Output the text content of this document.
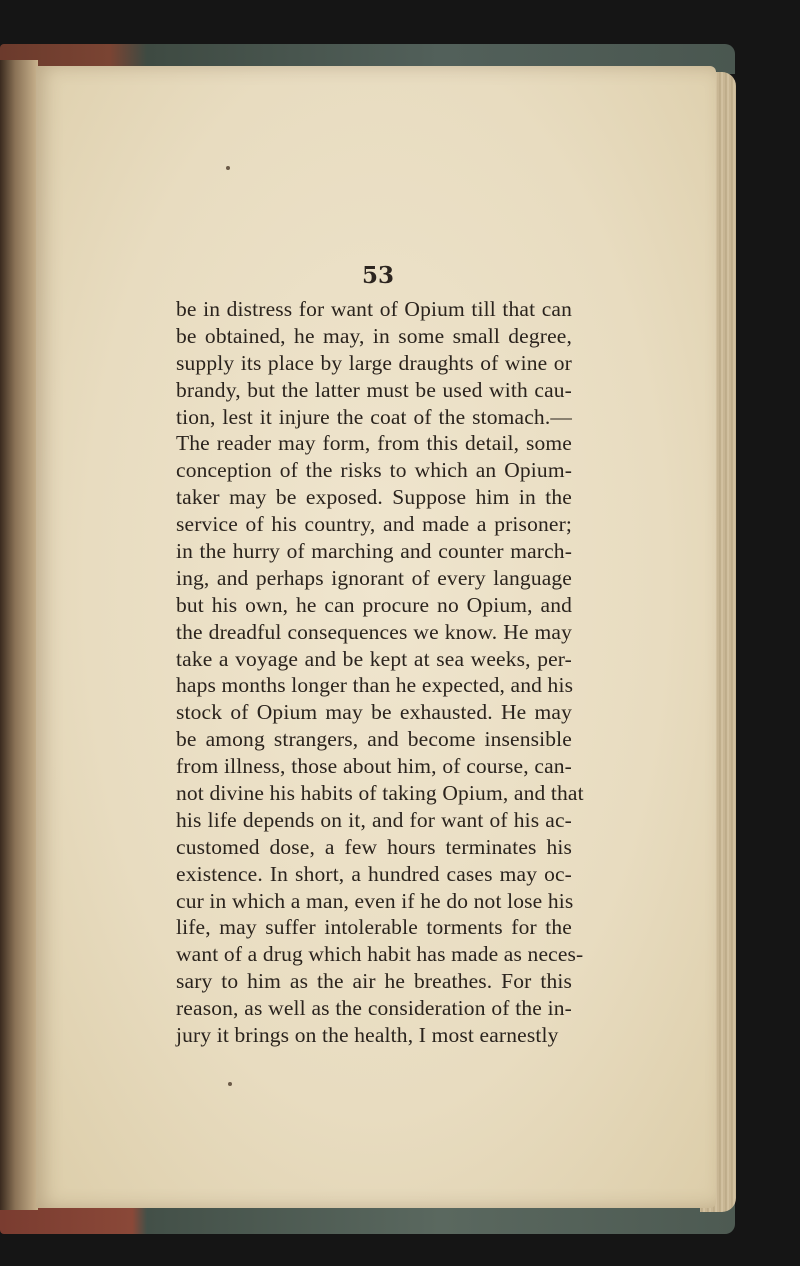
53

be in distress for want of Opium till that can
be obtained, he may, in some small degree,
supply its place by large draughts of wine or
brandy, but the latter must be used with cau-
tion, lest it injure the coat of the stomach.—
The reader may form, from this detail, some
conception of the risks to which an Opium-
taker may be exposed. Suppose him in the
service of his country, and made a prisoner;
in the hurry of marching and counter march-
ing, and perhaps ignorant of every language
but his own, he can procure no Opium, and
the dreadful consequences we know. He may
take a voyage and be kept at sea weeks, per-
haps months longer than he expected, and his
stock of Opium may be exhausted. He may
be among strangers, and become insensible
from illness, those about him, of course, can-
not divine his habits of taking Opium, and that
his life depends on it, and for want of his ac-
customed dose, a few hours terminates his
existence. In short, a hundred cases may oc-
cur in which a man, even if he do not lose his
life, may suffer intolerable torments for the
want of a drug which habit has made as neces-
sary to him as the air he breathes. For this
reason, as well as the consideration of the in-
jury it brings on the health, I most earnestly
